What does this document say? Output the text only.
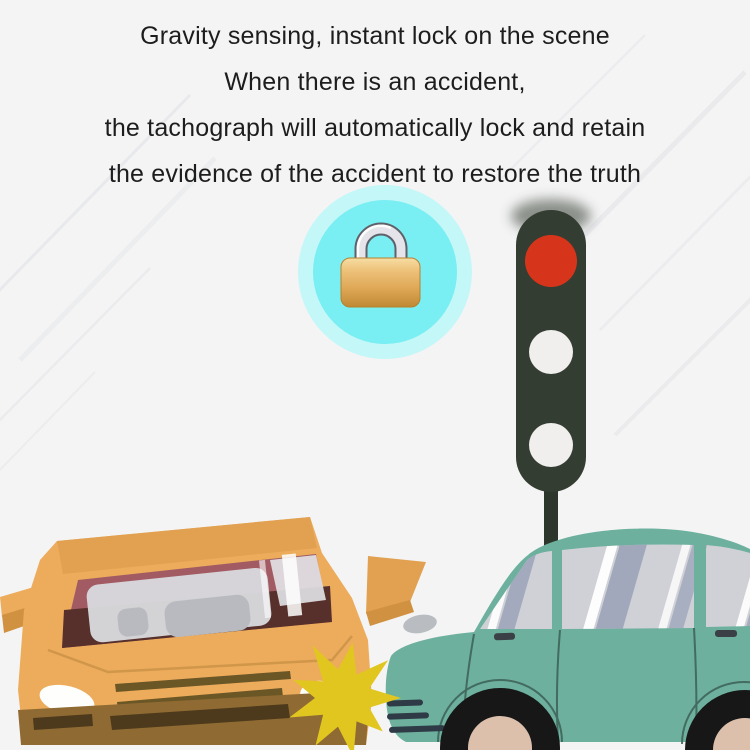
Gravity sensing, instant lock on the scene
When there is an accident,
the tachograph will automatically lock and retain
the evidence of the accident to restore the truth
